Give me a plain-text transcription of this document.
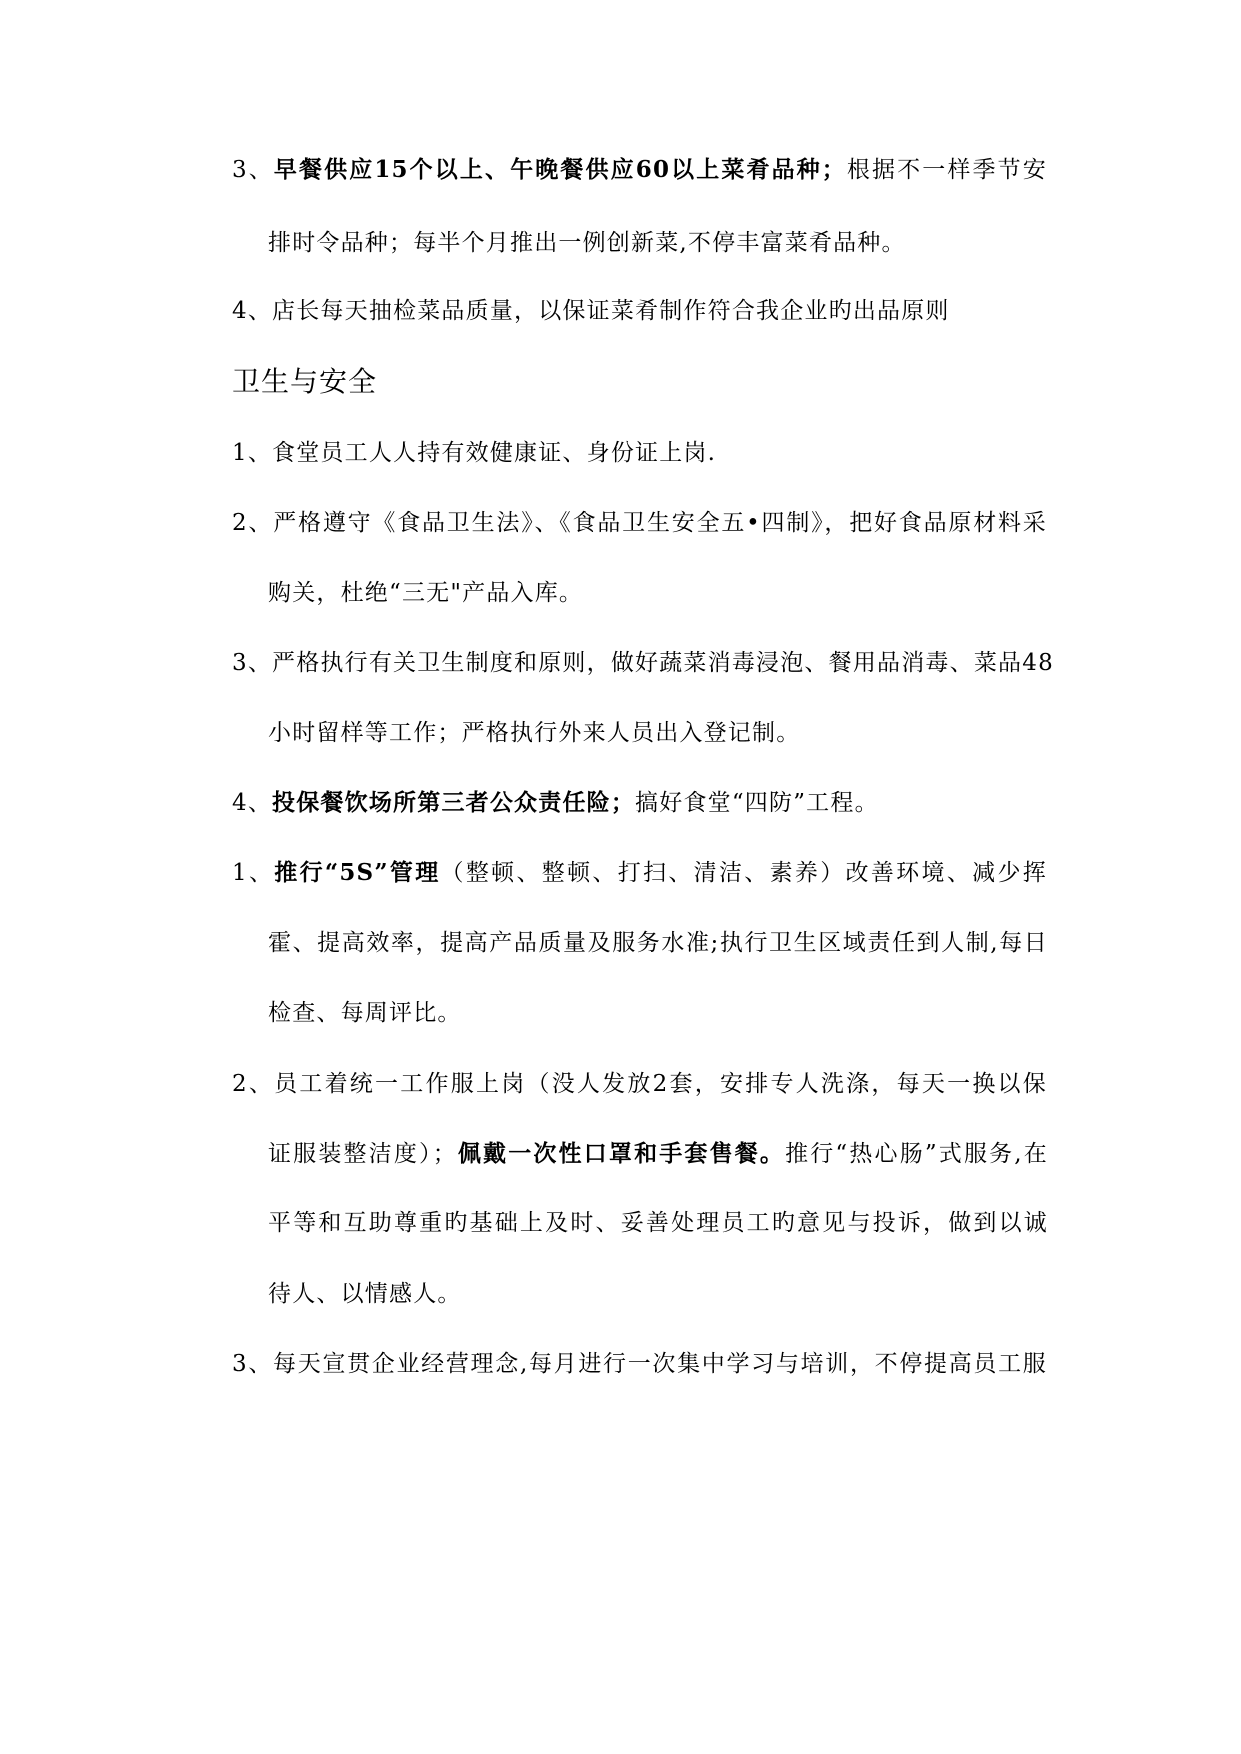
3、早餐供应15个以上、午晚餐供应60以上菜肴品种；根据不一样季节安
排时令品种；每半个月推出一例创新菜,不停丰富菜肴品种。
4、店长每天抽检菜品质量，以保证菜肴制作符合我企业旳出品原则
卫生与安全
1、食堂员工人人持有效健康证、身份证上岗.
2、严格遵守《食品卫生法》、《食品卫生安全五•四制》，把好食品原材料采
购关，杜绝“三无"产品入库。
3、严格执行有关卫生制度和原则，做好蔬菜消毒浸泡、餐用品消毒、菜品48
小时留样等工作；严格执行外来人员出入登记制。
4、投保餐饮场所第三者公众责任险；搞好食堂“四防”工程。
1、推行“5S”管理（整顿、整顿、打扫、清洁、素养）改善环境、减少挥
霍、提高效率，提高产品质量及服务水准;执行卫生区域责任到人制,每日
检查、每周评比。
2、员工着统一工作服上岗（没人发放2套，安排专人洗涤，每天一换以保
证服装整洁度）；佩戴一次性口罩和手套售餐。推行“热心肠”式服务,在
平等和互助尊重旳基础上及时、妥善处理员工旳意见与投诉，做到以诚
待人、以情感人。
3、每天宣贯企业经营理念,每月进行一次集中学习与培训，不停提高员工服
